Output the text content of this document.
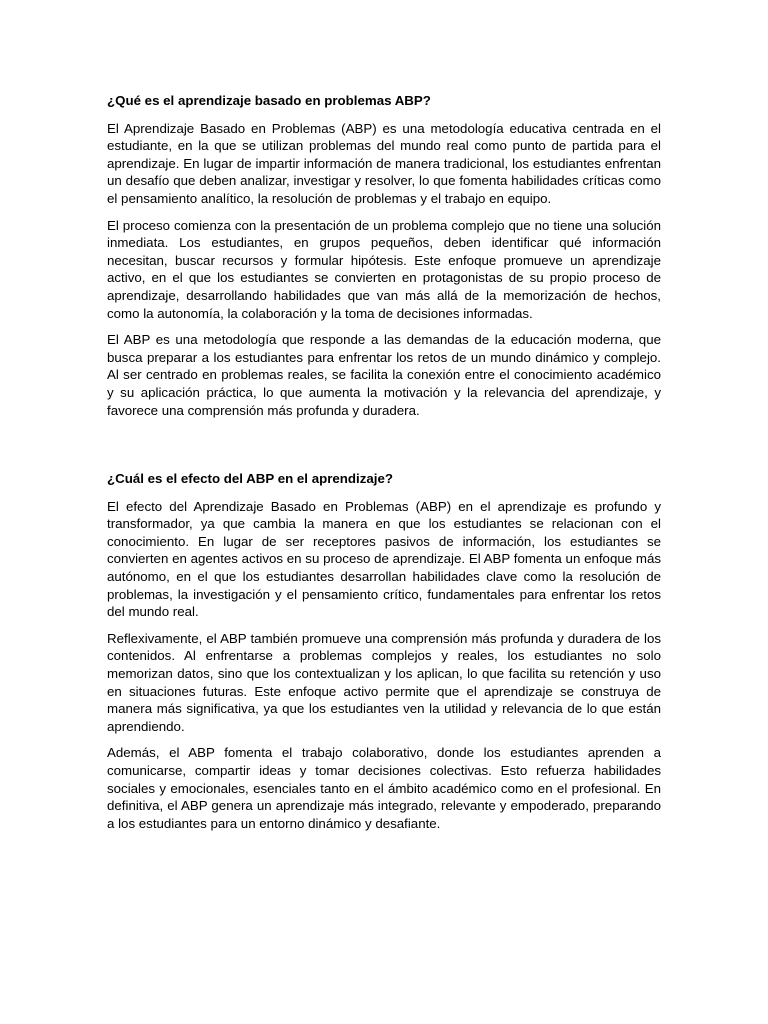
¿Qué es el aprendizaje basado en problemas ABP?

El Aprendizaje Basado en Problemas (ABP) es una metodología educativa centrada en el estudiante, en la que se utilizan problemas del mundo real como punto de partida para el aprendizaje. En lugar de impartir información de manera tradicional, los estudiantes enfrentan un desafío que deben analizar, investigar y resolver, lo que fomenta habilidades críticas como el pensamiento analítico, la resolución de problemas y el trabajo en equipo.

El proceso comienza con la presentación de un problema complejo que no tiene una solución inmediata. Los estudiantes, en grupos pequeños, deben identificar qué información necesitan, buscar recursos y formular hipótesis. Este enfoque promueve un aprendizaje activo, en el que los estudiantes se convierten en protagonistas de su propio proceso de aprendizaje, desarrollando habilidades que van más allá de la memorización de hechos, como la autonomía, la colaboración y la toma de decisiones informadas.

El ABP es una metodología que responde a las demandas de la educación moderna, que busca preparar a los estudiantes para enfrentar los retos de un mundo dinámico y complejo. Al ser centrado en problemas reales, se facilita la conexión entre el conocimiento académico y su aplicación práctica, lo que aumenta la motivación y la relevancia del aprendizaje, y favorece una comprensión más profunda y duradera.

¿Cuál es el efecto del ABP en el aprendizaje?

El efecto del Aprendizaje Basado en Problemas (ABP) en el aprendizaje es profundo y transformador, ya que cambia la manera en que los estudiantes se relacionan con el conocimiento. En lugar de ser receptores pasivos de información, los estudiantes se convierten en agentes activos en su proceso de aprendizaje. El ABP fomenta un enfoque más autónomo, en el que los estudiantes desarrollan habilidades clave como la resolución de problemas, la investigación y el pensamiento crítico, fundamentales para enfrentar los retos del mundo real.

Reflexivamente, el ABP también promueve una comprensión más profunda y duradera de los contenidos. Al enfrentarse a problemas complejos y reales, los estudiantes no solo memorizan datos, sino que los contextualizan y los aplican, lo que facilita su retención y uso en situaciones futuras. Este enfoque activo permite que el aprendizaje se construya de manera más significativa, ya que los estudiantes ven la utilidad y relevancia de lo que están aprendiendo.

Además, el ABP fomenta el trabajo colaborativo, donde los estudiantes aprenden a comunicarse, compartir ideas y tomar decisiones colectivas. Esto refuerza habilidades sociales y emocionales, esenciales tanto en el ámbito académico como en el profesional. En definitiva, el ABP genera un aprendizaje más integrado, relevante y empoderado, preparando a los estudiantes para un entorno dinámico y desafiante.
